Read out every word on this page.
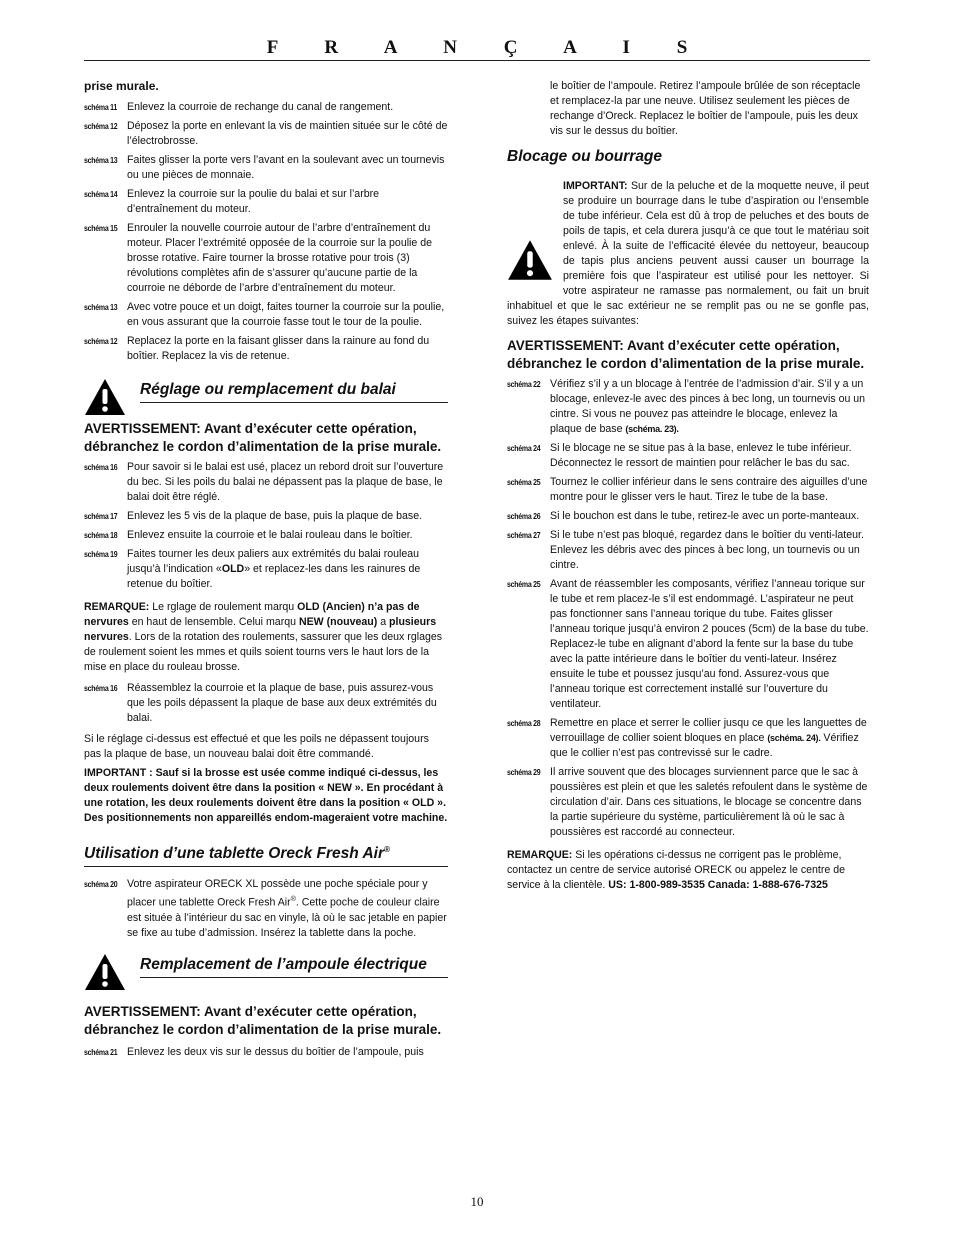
F R A N Ç A I S

prise murale.

schéma 11 Enlevez la courroie de rechange du canal de rangement.
schéma 12 Déposez la porte en enlevant la vis de maintien située sur le côté de l’électrobrosse.
schéma 13 Faites glisser la porte vers l’avant en la soulevant avec un tournevis ou une pièces de monnaie.
schéma 14 Enlevez la courroie sur la poulie du balai et sur l’arbre d’entraînement du moteur.
schéma 15 Enrouler la nouvelle courroie autour de l’arbre d’entraînement du moteur. Placer l’extrémité opposée de la courroie sur la poulie de brosse rotative. Faire tourner la brosse rotative pour trois (3) révolutions complètes afin de s’assurer qu’aucune partie de la courroie ne déborde de l’arbre d’entraînement du moteur.
schéma 13 Avec votre pouce et un doigt, faites tourner la courroie sur la poulie, en vous assurant que la courroie fasse tout le tour de la poulie.
schéma 12 Replacez la porte en la faisant glisser dans la rainure au fond du boîtier. Replacez la vis de retenue.
Réglage ou remplacement du balai

AVERTISSEMENT: Avant d’exécuter cette opération, débranchez le cordon d’alimentation de la prise murale.

schéma 16 Pour savoir si le balai est usé, placez un rebord droit sur l’ouverture du bec. Si les poils du balai ne dépassent pas la plaque de base, le balai doit être réglé.
schéma 17 Enlevez les 5 vis de la plaque de base, puis la plaque de base.
schéma 18 Enlevez ensuite la courroie et le balai rouleau dans le boîtier.
schéma 19 Faites tourner les deux paliers aux extrémités du balai rouleau jusqu’à l’indication «OLD» et replacez-les dans les rainures de retenue du boîtier.

REMARQUE: Le rglage de roulement marqu OLD (Ancien) n’a pas de nervures en haut de lensemble. Celui marqu NEW (nouveau) a plusieurs nervures. Lors de la rotation des roulements, sassurer que les deux rglages de roulement soient les mmes et quils soient tourns vers le haut lors de la mise en place du rouleau brosse.

schéma 16 Réassemblez la courroie et la plaque de base, puis assurez-vous que les poils dépassent la plaque de base aux deux extrémités du balai.

Si le réglage ci-dessus est effectué et que les poils ne dépassent toujours pas la plaque de base, un nouveau balai doit être commandé.

IMPORTANT : Sauf si la brosse est usée comme indiqué ci-dessus, les deux roulements doivent être dans la position « NEW ». En procédant à une rotation, les deux roulements doivent être dans la position « OLD ». Des positionnements non appareillés endom-mageraient votre machine.

Utilisation d’une tablette Oreck Fresh Air®
schéma 20 Votre aspirateur ORECK XL possède une poche spéciale pour y placer une tablette Oreck Fresh Air®. Cette poche de couleur claire est située à l’intérieur du sac en vinyle, là où le sac jetable en papier se fixe au tube d’admission. Insérez la tablette dans la poche.
Remplacement de l’ampoule électrique

AVERTISSEMENT: Avant d’exécuter cette opération, débranchez le cordon d’alimentation de la prise murale.

schéma 21 Enlevez les deux vis sur le dessus du boîtier de l’ampoule, puis

le boîtier de l’ampoule. Retirez l’ampoule brûlée de son réceptacle et remplacez-la par une neuve. Utilisez seulement les pièces de rechange d’Oreck. Replacez le boîtier de l’ampoule, puis les deux vis sur le dessus du boîtier.

Blocage ou bourrage

IMPORTANT: Sur de la peluche et de la moquette neuve, il peut se produire un bourrage dans le tube d’aspiration ou l’ensemble de tube inférieur. Cela est dû à trop de peluches et des bouts de poils de tapis, et cela durera jusqu’à ce que tout le matériau soit enlevé. À la suite de l’efficacité élevée du nettoyeur, beaucoup de tapis plus anciens peuvent aussi causer un bourrage la première fois que l’aspirateur est utilisé pour les nettoyer. Si votre aspirateur ne ramasse pas normalement, ou fait un bruit inhabituel et que le sac extérieur ne se remplit pas ou ne se gonfle pas, suivez les étapes suivantes:

AVERTISSEMENT: Avant d’exécuter cette opération, débranchez le cordon d’alimentation de la prise murale.

schéma 22 Vérifiez s’il y a un blocage à l’entrée de l’admission d’air. S’il y a un blocage, enlevez-le avec des pinces à bec long, un tournevis ou un cintre. Si vous ne pouvez pas atteindre le blocage, enlevez la plaque de base (schéma. 23).
schéma 24 Si le blocage ne se situe pas à la base, enlevez le tube inférieur. Déconnectez le ressort de maintien pour relâcher le bas du sac.
schéma 25 Tournez le collier inférieur dans le sens contraire des aiguilles d’une montre pour le glisser vers le haut. Tirez le tube de la base.
schéma 26 Si le bouchon est dans le tube, retirez-le avec un porte-manteaux.
schéma 27 Si le tube n’est pas bloqué, regardez dans le boîtier du venti-lateur. Enlevez les débris avec des pinces à bec long, un tournevis ou un cintre.
schéma 25 Avant de réassembler les composants, vérifiez l’anneau torique sur le tube et rem placez-le s’il est endommagé. L’aspirateur ne peut pas fonctionner sans l’anneau torique du tube. Faites glisser l’anneau torique jusqu’à environ 2 pouces (5cm) de la base du tube. Replacez-le tube en alignant d’abord la fente sur la base du tube avec la patte intérieure dans le boîtier du venti-lateur. Insérez ensuite le tube et poussez jusqu’au fond. Assurez-vous que l’anneau torique est correctement installé sur l’ouverture du ventilateur.
schéma 28 Remettre en place et serrer le collier jusqu ce que les languettes de verrouillage de collier soient bloques en place (schéma. 24). Vérifiez que le collier n’est pas contrevissé sur le cadre.
schéma 29 Il arrive souvent que des blocages surviennent parce que le sac à poussières est plein et que les saletés refoulent dans le système de circulation d’air. Dans ces situations, le blocage se concentre dans la partie supérieure du système, particulièrement là où le sac à poussières est raccordé au connecteur.

REMARQUE: Si les opérations ci-dessus ne corrigent pas le problème, contactez un centre de service autorisé ORECK ou appelez le centre de service à la clientèle. US: 1-800-989-3535 Canada: 1-888-676-7325

10
